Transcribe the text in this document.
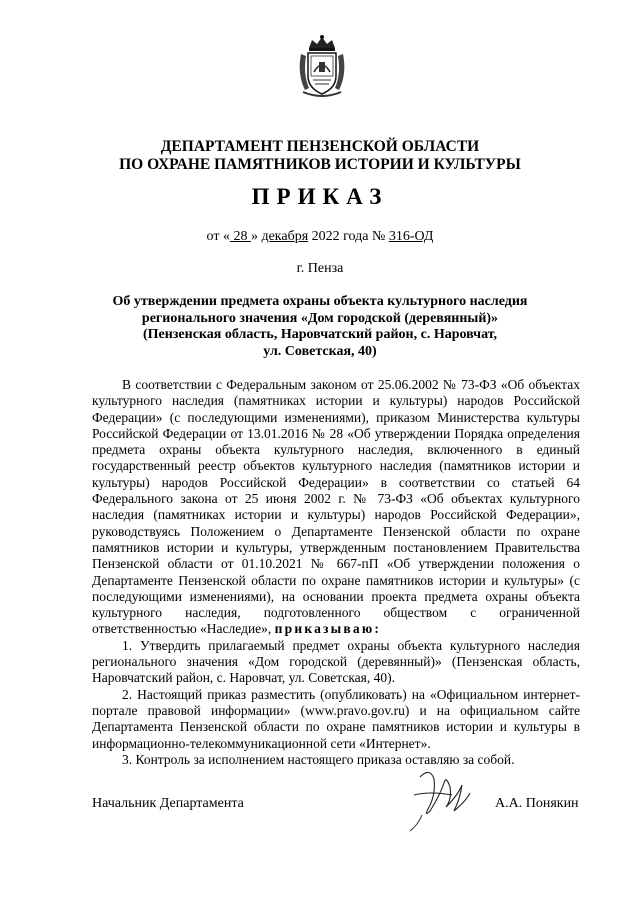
ДЕПАРТАМЕНТ ПЕНЗЕНСКОЙ ОБЛАСТИ
ПО ОХРАНЕ ПАМЯТНИКОВ ИСТОРИИ И КУЛЬТУРЫ
ПРИКАЗ
от « 28 » декабря 2022 года № 316-ОД
г. Пенза
Об утверждении предмета охраны объекта культурного наследия
регионального значения «Дом городской (деревянный)»
(Пензенская область, Наровчатский район, с. Наровчат,
ул. Советская, 40)

В соответствии с Федеральным законом от 25.06.2002 № 73-ФЗ «Об объектах культурного наследия (памятниках истории и культуры) народов Российской Федерации» (с последующими изменениями), приказом Министерства культуры Российской Федерации от 13.01.2016 № 28 «Об утверждении Порядка определения предмета охраны объекта культурного наследия, включенного в единый государственный реестр объектов культурного наследия (памятников истории и культуры) народов Российской Федерации» в соответствии со статьей 64 Федерального закона от 25 июня 2002 г. № 73-ФЗ «Об объектах культурного наследия (памятниках истории и культуры) народов Российской Федерации», руководствуясь Положением о Департаменте Пензенской области по охране памятников истории и культуры, утвержденным постановлением Правительства Пензенской области от 01.10.2021 № 667-пП «Об утверждении положения о Департаменте Пензенской области по охране памятников истории и культуры» (с последующими изменениями), на основании проекта предмета охраны объекта культурного наследия, подготовленного обществом с ограниченной ответственностью «Наследие», приказываю:

1. Утвердить прилагаемый предмет охраны объекта культурного наследия регионального значения «Дом городской (деревянный)» (Пензенская область, Наровчатский район, с. Наровчат, ул. Советская, 40).

2. Настоящий приказ разместить (опубликовать) на «Официальном интернет-портале правовой информации» (www.pravo.gov.ru) и на официальном сайте Департамента Пензенской области по охране памятников истории и культуры в информационно-телекоммуникационной сети «Интернет».

3. Контроль за исполнением настоящего приказа оставляю за собой.

Начальник Департамента	А.А. Понякин
